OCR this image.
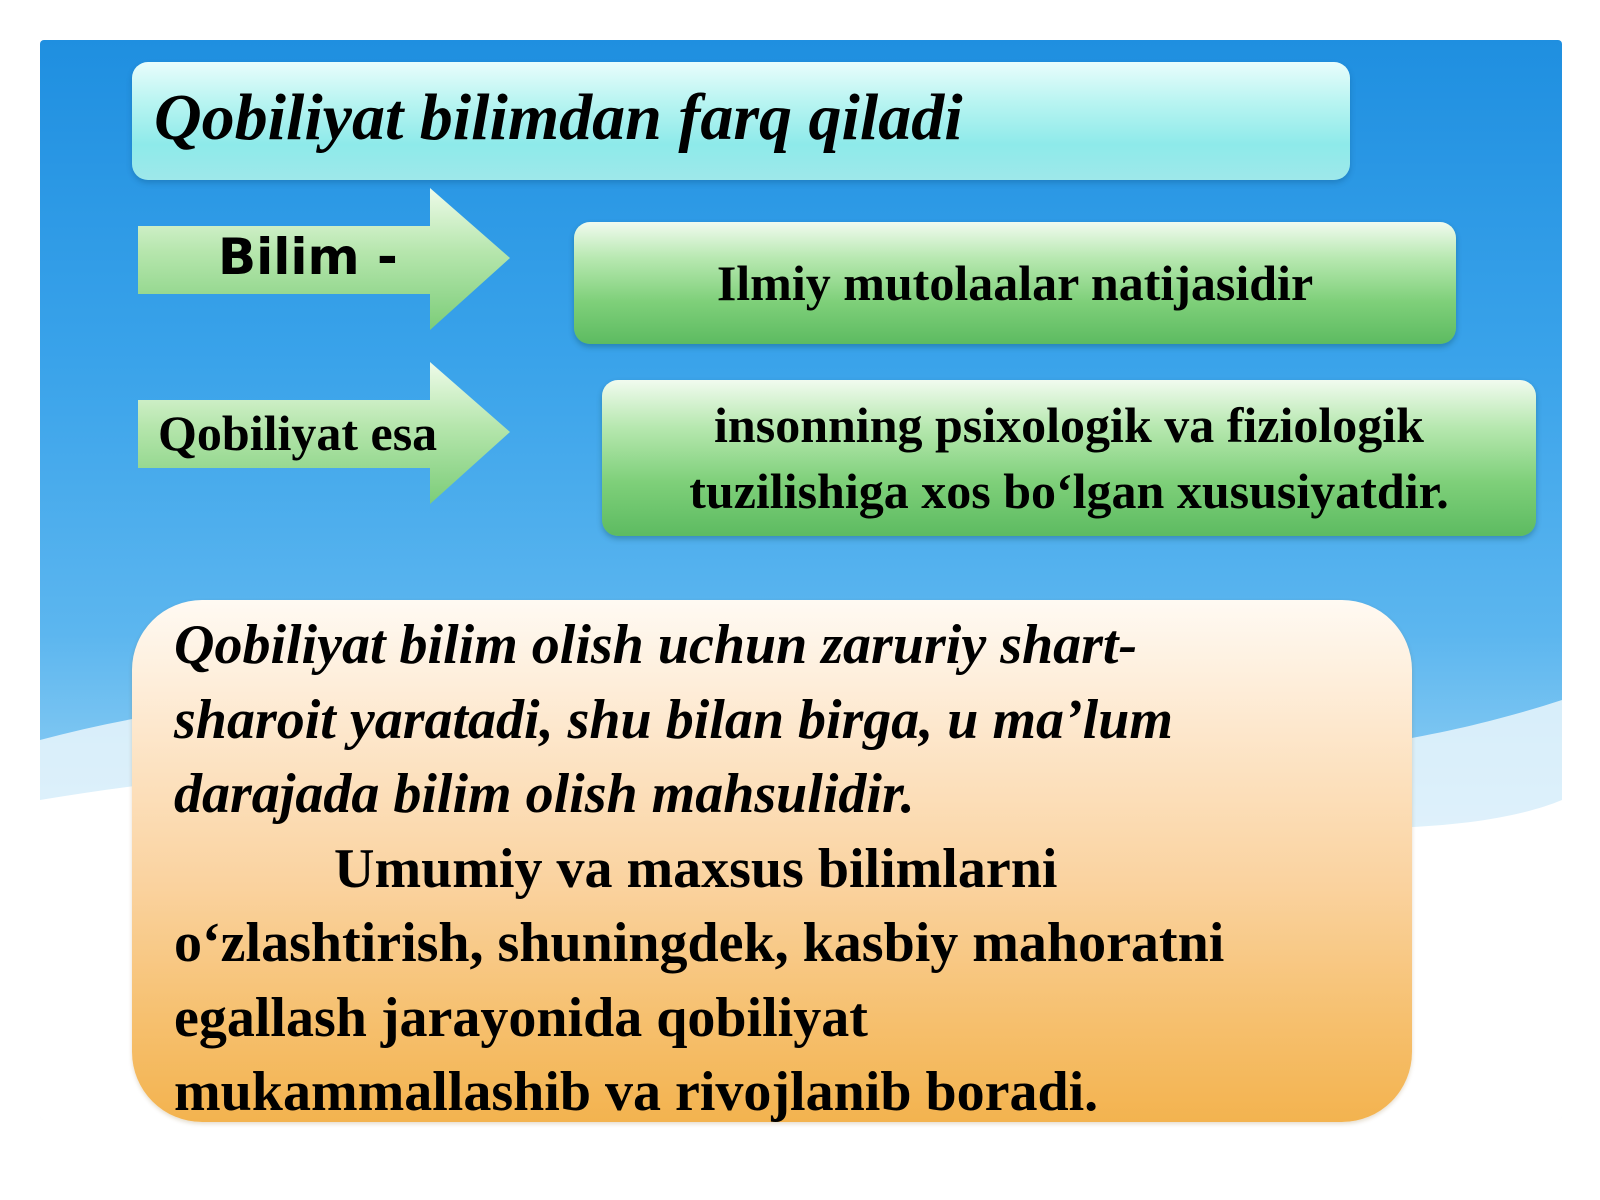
Qobiliyat bilimdan farq qiladi
Bilim -
Qobiliyat esa
Ilmiy mutolaalar natijasidir
insonning psixologik va fiziologik
tuzilishiga xos bo‘lgan xususiyatdir.
Qobiliyat bilim olish uchun zaruriy shart-
sharoit yaratadi, shu bilan birga, u ma’lum
darajada bilim olish mahsulidir.
Umumiy va maxsus bilimlarni
o‘zlashtirish, shuningdek, kasbiy mahoratni
egallash jarayonida qobiliyat
mukammallashib va rivojlanib boradi.
